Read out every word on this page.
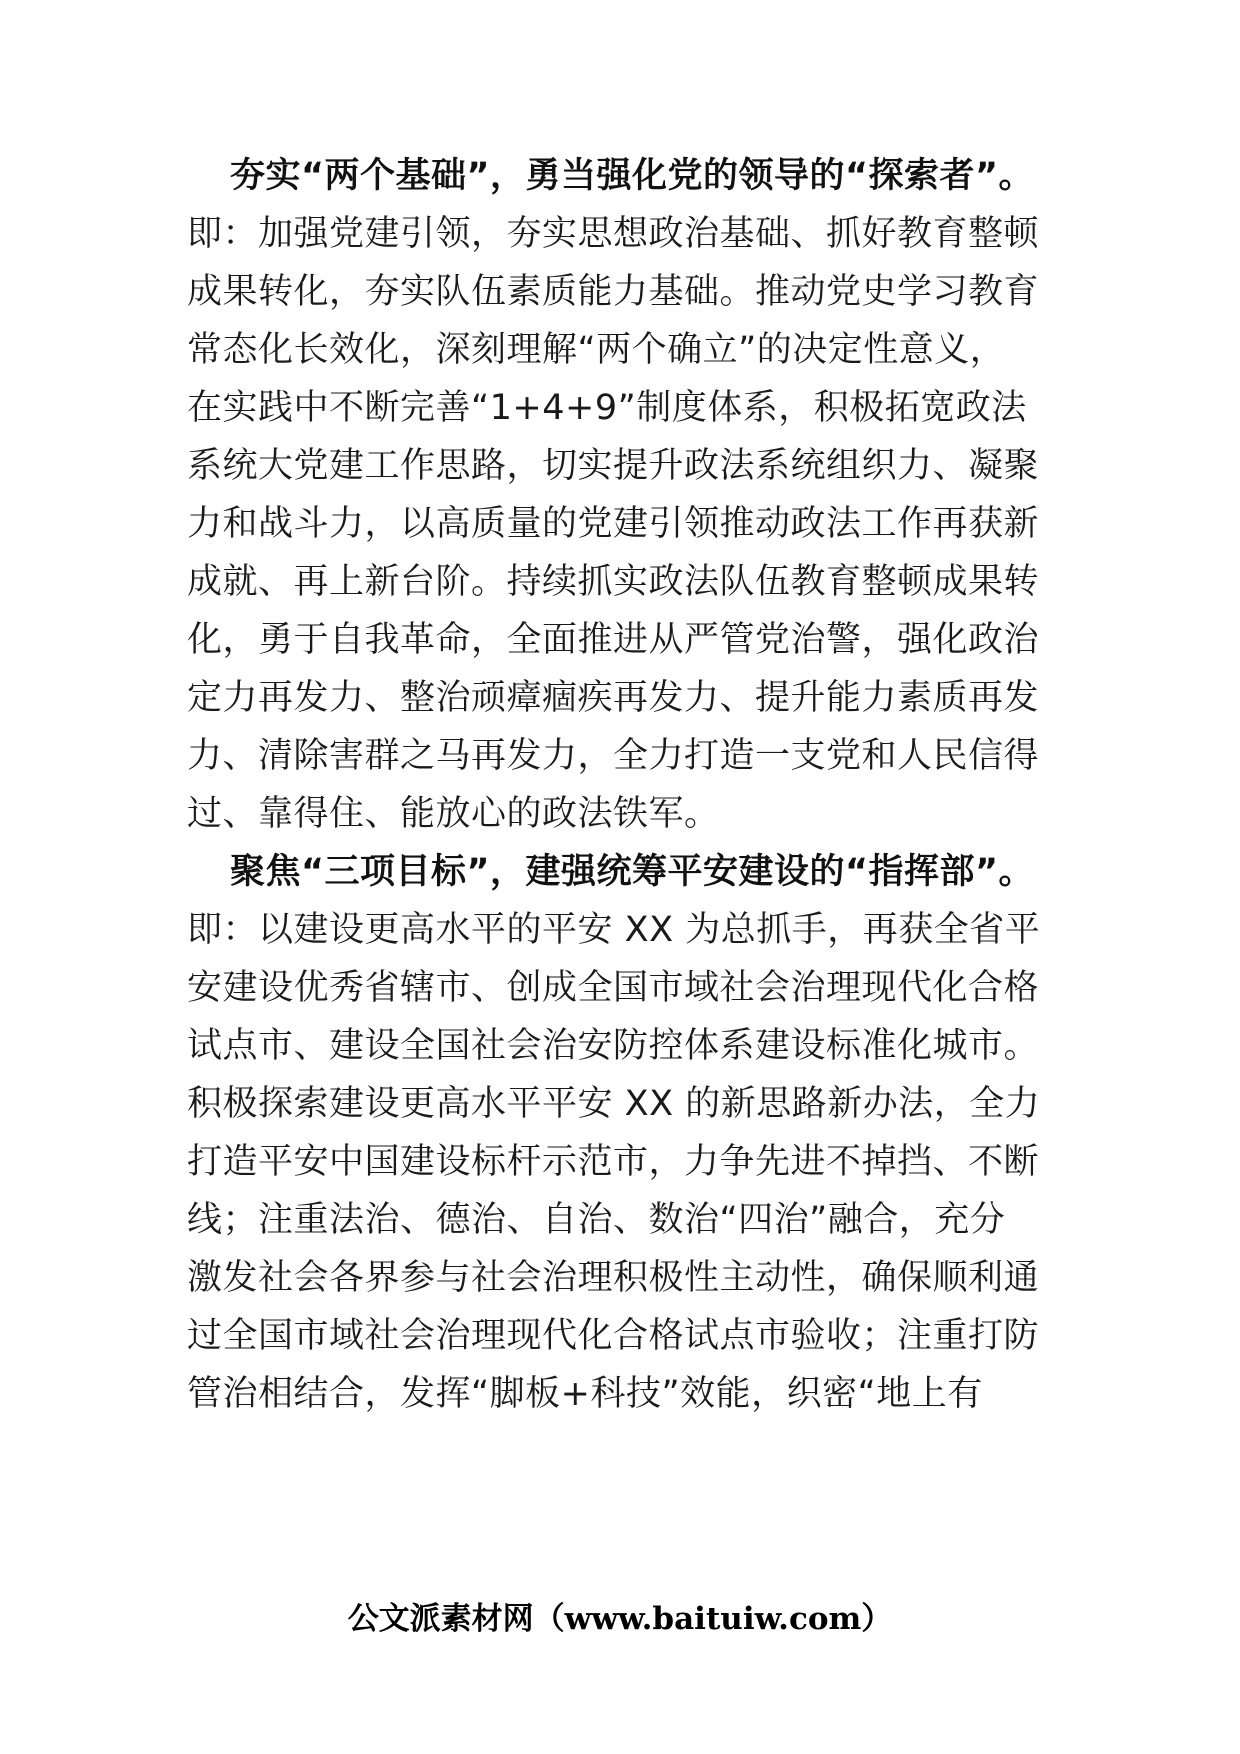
夯实“两个基础”，勇当强化党的领导的“探索者”。
即：加强党建引领，夯实思想政治基础、抓好教育整顿
成果转化，夯实队伍素质能力基础。推动党史学习教育
常态化长效化，深刻理解“两个确立”的决定性意义，
在实践中不断完善“1+4+9”制度体系，积极拓宽政法
系统大党建工作思路，切实提升政法系统组织力、凝聚
力和战斗力，以高质量的党建引领推动政法工作再获新
成就、再上新台阶。持续抓实政法队伍教育整顿成果转
化，勇于自我革命，全面推进从严管党治警，强化政治
定力再发力、整治顽瘴痼疾再发力、提升能力素质再发
力、清除害群之马再发力，全力打造一支党和人民信得
过、靠得住、能放心的政法铁军。
聚焦“三项目标”，建强统筹平安建设的“指挥部”。
即：以建设更高水平的平安 XX 为总抓手，再获全省平
安建设优秀省辖市、创成全国市域社会治理现代化合格
试点市、建设全国社会治安防控体系建设标准化城市。
积极探索建设更高水平平安 XX 的新思路新办法，全力
打造平安中国建设标杆示范市，力争先进不掉挡、不断
线；注重法治、德治、自治、数治“四治”融合，充分
激发社会各界参与社会治理积极性主动性，确保顺利通
过全国市域社会治理现代化合格试点市验收；注重打防
管治相结合，发挥“脚板+科技”效能，织密“地上有
公文派素材网（www.baituiw.com）
